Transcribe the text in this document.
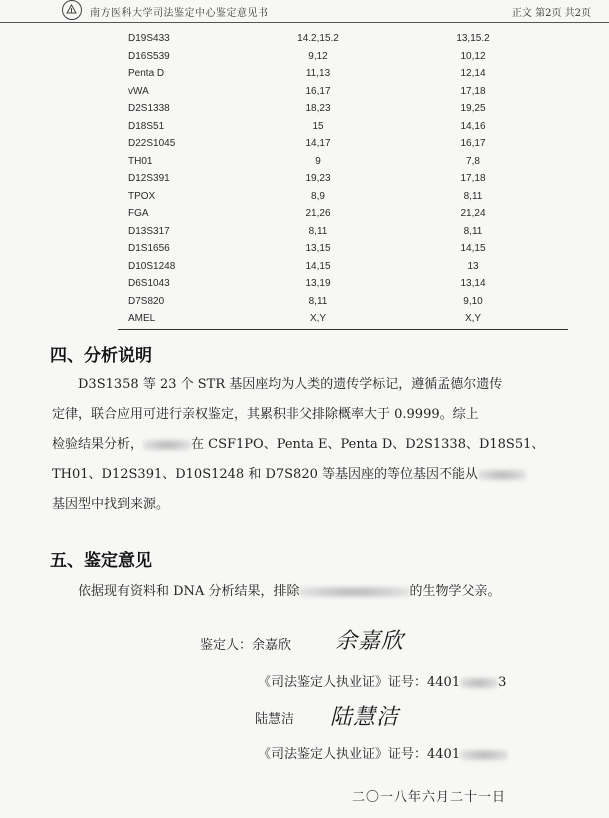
南方医科大学司法鉴定中心鉴定意见书	正文 第2页 共2页
D19S433	14.2,15.2	13,15.2
D16S539	9,12	10,12
Penta D	11,13	12,14
vWA	16,17	17,18
D2S1338	18,23	19,25
D18S51	15	14,16
D22S1045	14,17	16,17
TH01	9	7,8
D12S391	19,23	17,18
TPOX	8,9	8,11
FGA	21,26	21,24
D13S317	8,11	8,11
D1S1656	13,15	14,15
D10S1248	14,15	13
D6S1043	13,19	13,14
D7S820	8,11	9,10
AMEL	X,Y	X,Y
四、分析说明
D3S1358 等 23 个 STR 基因座均为人类的遗传学标记，遵循孟德尔遗传
定律，联合应用可进行亲权鉴定，其累积非父排除概率大于 0.9999。综上
检验结果分析，	在 CSF1PO、Penta E、Penta D、D2S1338、D18S51、
TH01、D12S391、D10S1248 和 D7S820 等基因座的等位基因不能从
基因型中找到来源。
五、鉴定意见
依据现有资料和 DNA 分析结果，排除	的生物学父亲。
鉴定人：余嘉欣 余嘉欣
《司法鉴定人执业证》证号：4401	3
陆慧洁 陆慧洁
《司法鉴定人执业证》证号：4401
二〇一八年六月二十一日
